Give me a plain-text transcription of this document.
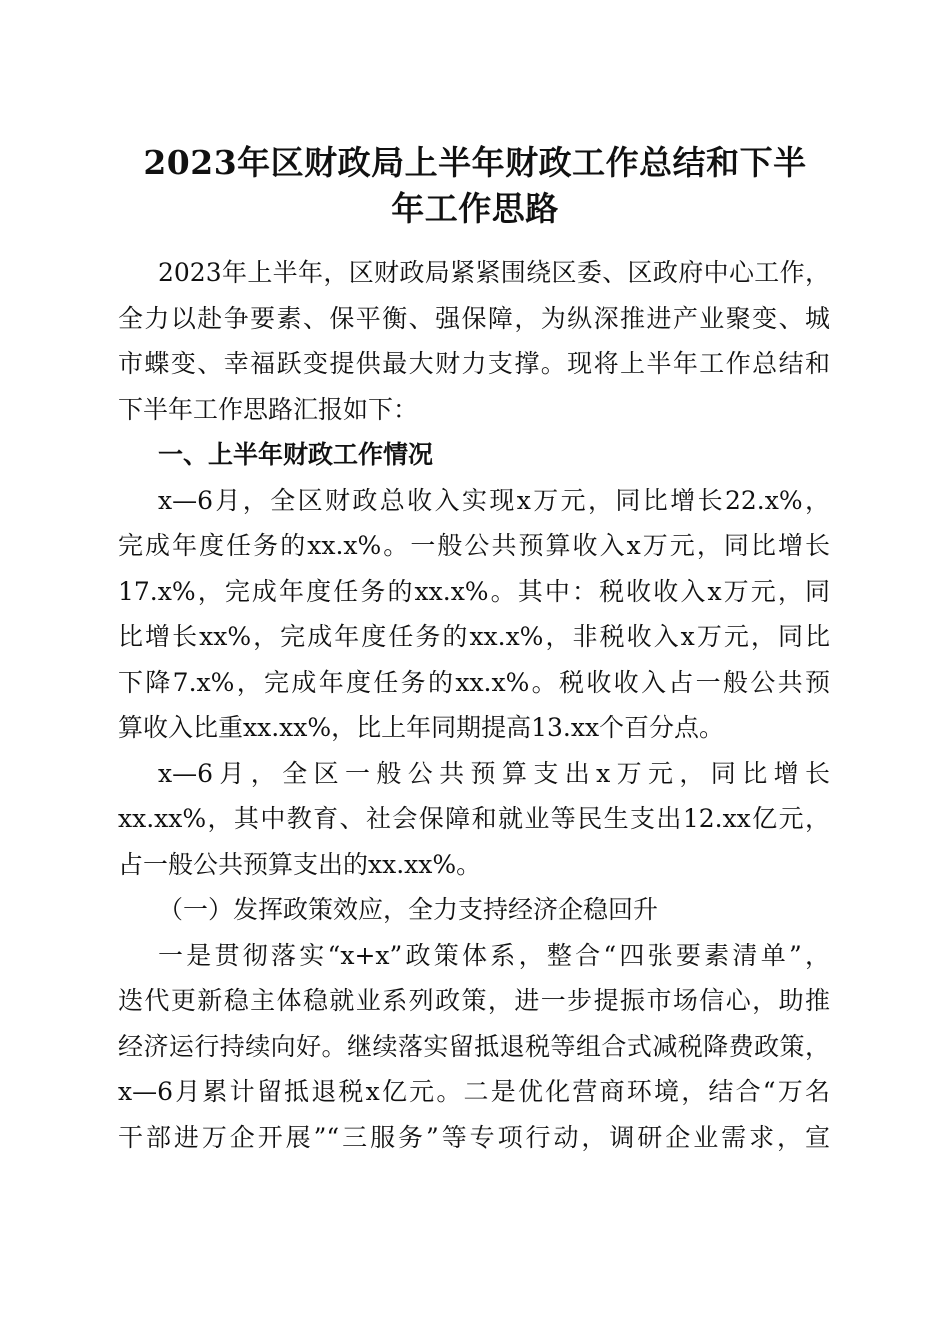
2023年区财政局上半年财政工作总结和下半
年工作思路
2023年上半年，区财政局紧紧围绕区委、区政府中心工作，
全力以赴争要素、保平衡、强保障，为纵深推进产业聚变、城
市蝶变、幸福跃变提供最大财力支撑。现将上半年工作总结和
下半年工作思路汇报如下：
一、上半年财政工作情况
x—6月，全区财政总收入实现x万元，同比增长22.x%，
完成年度任务的xx.x%。一般公共预算收入x万元，同比增长
17.x%，完成年度任务的xx.x%。其中：税收收入x万元，同
比增长xx%，完成年度任务的xx.x%，非税收入x万元，同比
下降7.x%，完成年度任务的xx.x%。税收收入占一般公共预
算收入比重xx.xx%，比上年同期提高13.xx个百分点。
x—6月，全区一般公共预算支出x万元，同比增长
xx.xx%，其中教育、社会保障和就业等民生支出12.xx亿元，
占一般公共预算支出的xx.xx%。
（一）发挥政策效应，全力支持经济企稳回升
一是贯彻落实“x+x”政策体系，整合“四张要素清单”，
迭代更新稳主体稳就业系列政策，进一步提振市场信心，助推
经济运行持续向好。继续落实留抵退税等组合式减税降费政策，
x—6月累计留抵退税x亿元。二是优化营商环境，结合“万名
干部进万企开展”“三服务”等专项行动，调研企业需求，宣
